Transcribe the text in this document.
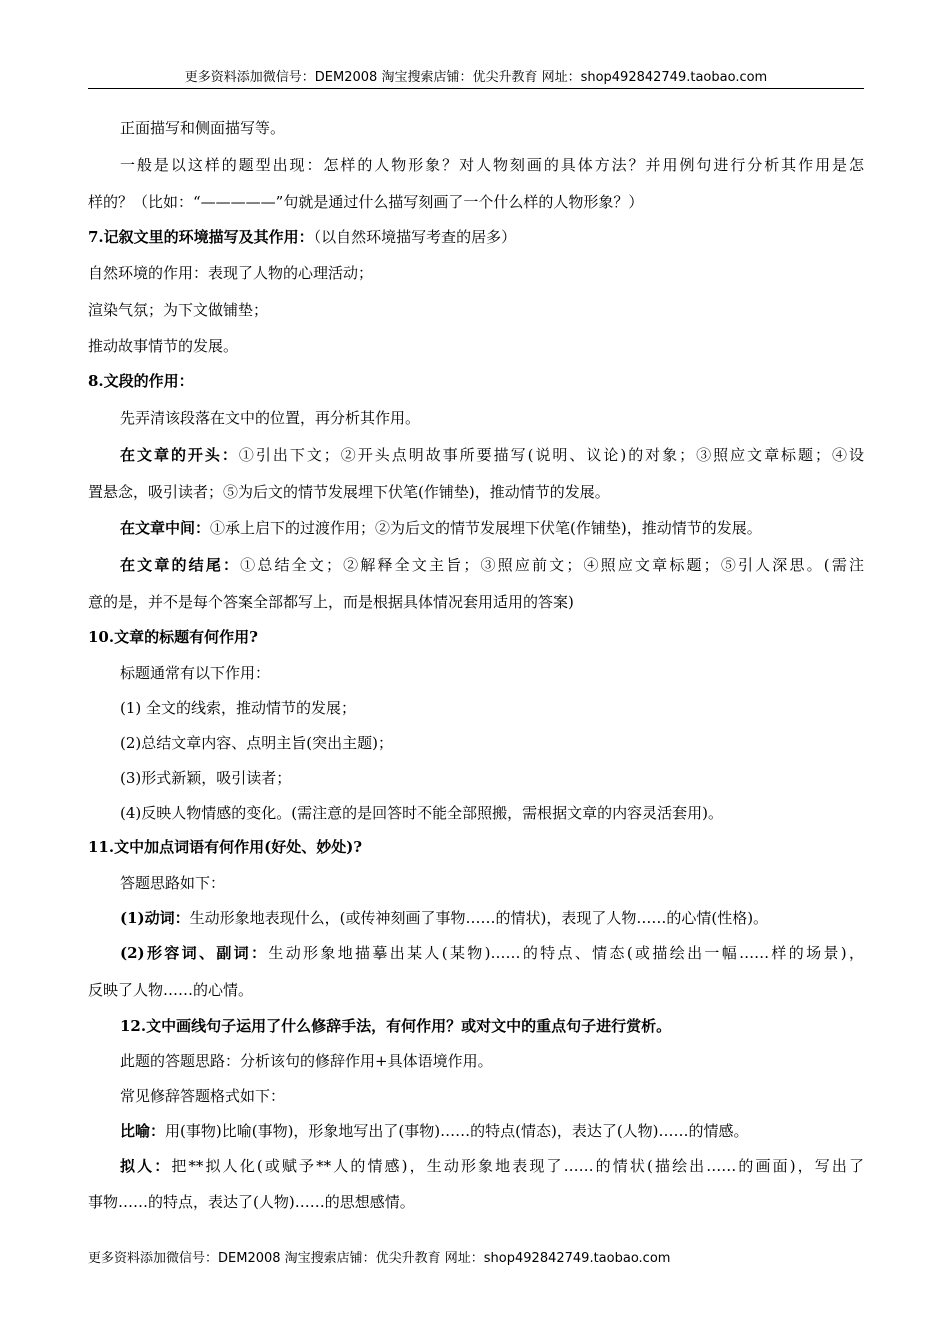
更多资料添加微信号：DEM2008 淘宝搜索店铺：优尖升教育 网址：shop492842749.taobao.com
正面描写和侧面描写等。
一般是以这样的题型出现：怎样的人物形象？对人物刻画的具体方法？并用例句进行分析其作用是怎
样的？（比如：“—————”句就是通过什么描写刻画了一个什么样的人物形象？）
7.记叙文里的环境描写及其作用：（以自然环境描写考查的居多）
自然环境的作用：表现了人物的心理活动；
渲染气氛；为下文做铺垫；
推动故事情节的发展。
8.文段的作用：
先弄清该段落在文中的位置，再分析其作用。
在文章的开头：①引出下文；②开头点明故事所要描写(说明、议论)的对象；③照应文章标题；④设
置悬念，吸引读者；⑤为后文的情节发展埋下伏笔(作铺垫)，推动情节的发展。
在文章中间：①承上启下的过渡作用；②为后文的情节发展埋下伏笔(作铺垫)，推动情节的发展。
在文章的结尾：①总结全文；②解释全文主旨；③照应前文；④照应文章标题；⑤引人深思。(需注
意的是，并不是每个答案全部都写上，而是根据具体情况套用适用的答案)
10.文章的标题有何作用?
标题通常有以下作用：
(1) 全文的线索，推动情节的发展；
(2)总结文章内容、点明主旨(突出主题)；
(3)形式新颖，吸引读者；
(4)反映人物情感的变化。(需注意的是回答时不能全部照搬，需根据文章的内容灵活套用)。
11.文中加点词语有何作用(好处、妙处)?
答题思路如下：
(1)动词：生动形象地表现什么，(或传神刻画了事物……的情状)，表现了人物……的心情(性格)。
(2)形容词、副词：生动形象地描摹出某人(某物)……的特点、情态(或描绘出一幅……样的场景)，
反映了人物……的心情。
12.文中画线句子运用了什么修辞手法，有何作用？或对文中的重点句子进行赏析。
此题的答题思路：分析该句的修辞作用+具体语境作用。
常见修辞答题格式如下：
比喻：用(事物)比喻(事物)，形象地写出了(事物)……的特点(情态)，表达了(人物)……的情感。
拟人：把**拟人化(或赋予**人的情感)，生动形象地表现了……的情状(描绘出……的画面)，写出了
事物……的特点，表达了(人物)……的思想感情。
更多资料添加微信号：DEM2008 淘宝搜索店铺：优尖升教育 网址：shop492842749.taobao.com
